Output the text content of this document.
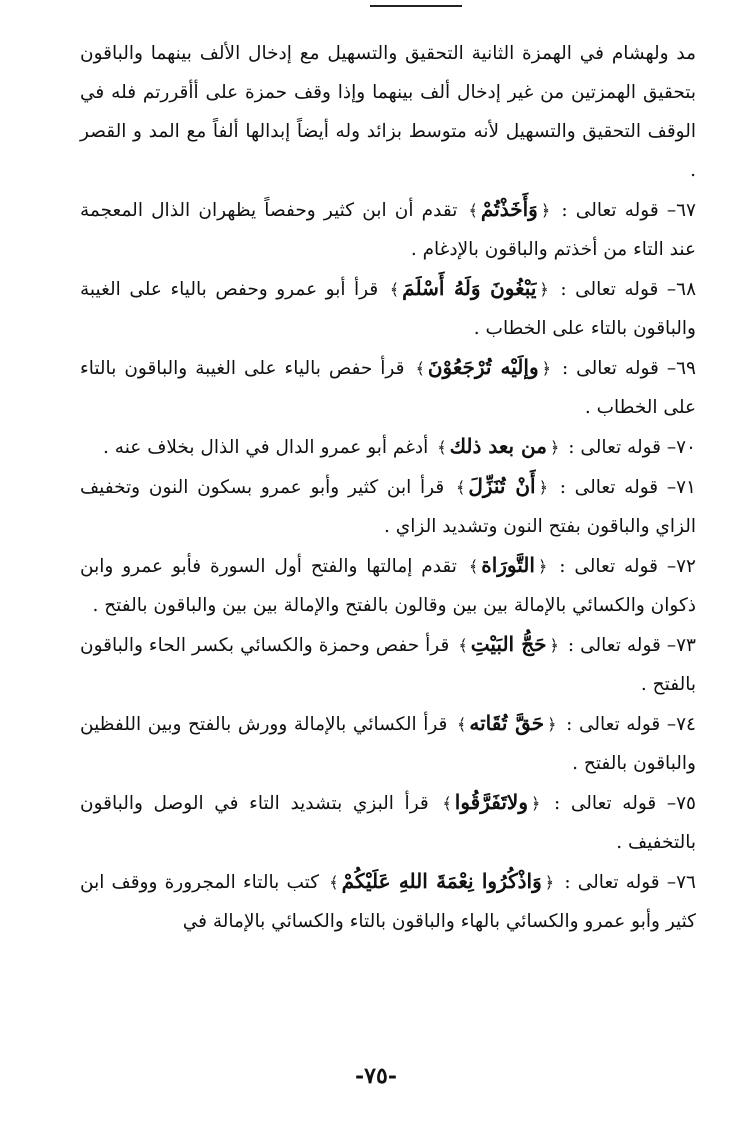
مد ولهشام في الهمزة الثانية التحقيق والتسهيل مع إدخال الألف بينهما والباقون بتحقيق الهمزتين من غير إدخال ألف بينهما وإذا وقف حمزة على أأقررتم فله في الوقف التحقيق والتسهيل لأنه متوسط بزائد وله أيضاً إبدالها ألفاً مع المد و القصر .

٦٧– قوله تعالى : ﴿وَأَخَذْتُمْ﴾ تقدم أن ابن كثير وحفصاً يظهران الذال المعجمة عند التاء من أخذتم والباقون بالإدغام .

٦٨– قوله تعالى : ﴿يَبْغُونَ وَلَهُ أَسْلَمَ﴾ قرأ أبو عمرو وحفص بالياء على الغيبة والباقون بالتاء على الخطاب .

٦٩– قوله تعالى : ﴿وإلَيْه تُرْجَعُوْنَ﴾ قرأ حفص بالياء على الغيبة والباقون بالتاء على الخطاب .

٧٠– قوله تعالى : ﴿من بعد ذلك﴾ أدغم أبو عمرو الدال في الذال بخلاف عنه .

٧١– قوله تعالى : ﴿أَنْ تُنَزِّلَ﴾ قرأ ابن كثير وأبو عمرو بسكون النون وتخفيف الزاي والباقون بفتح النون وتشديد الزاي .

٧٢– قوله تعالى : ﴿التَّورَاة﴾ تقدم إمالتها والفتح أول السورة فأبو عمرو وابن ذكوان والكسائي بالإمالة بين بين وقالون بالفتح والإمالة بين بين والباقون بالفتح .

٧٣– قوله تعالى : ﴿حَجُّ البَيْتِ﴾ قرأ حفص وحمزة والكسائي بكسر الحاء والباقون بالفتح .

٧٤– قوله تعالى : ﴿حَقَّ تُقَاته﴾ قرأ الكسائي بالإمالة وورش بالفتح وبين اللفظين والباقون بالفتح .

٧٥– قوله تعالى : ﴿ولاتَفَرَّقُوا﴾ قرأ البزي بتشديد التاء في الوصل والباقون بالتخفيف .

٧٦– قوله تعالى : ﴿وَاذْكُرُوا نِعْمَةَ اللهِ عَلَيْكُمْ﴾ كتب بالتاء المجرورة ووقف ابن كثير وأبو عمرو والكسائي بالهاء والباقون بالتاء والكسائي بالإمالة في

-٧٥-
